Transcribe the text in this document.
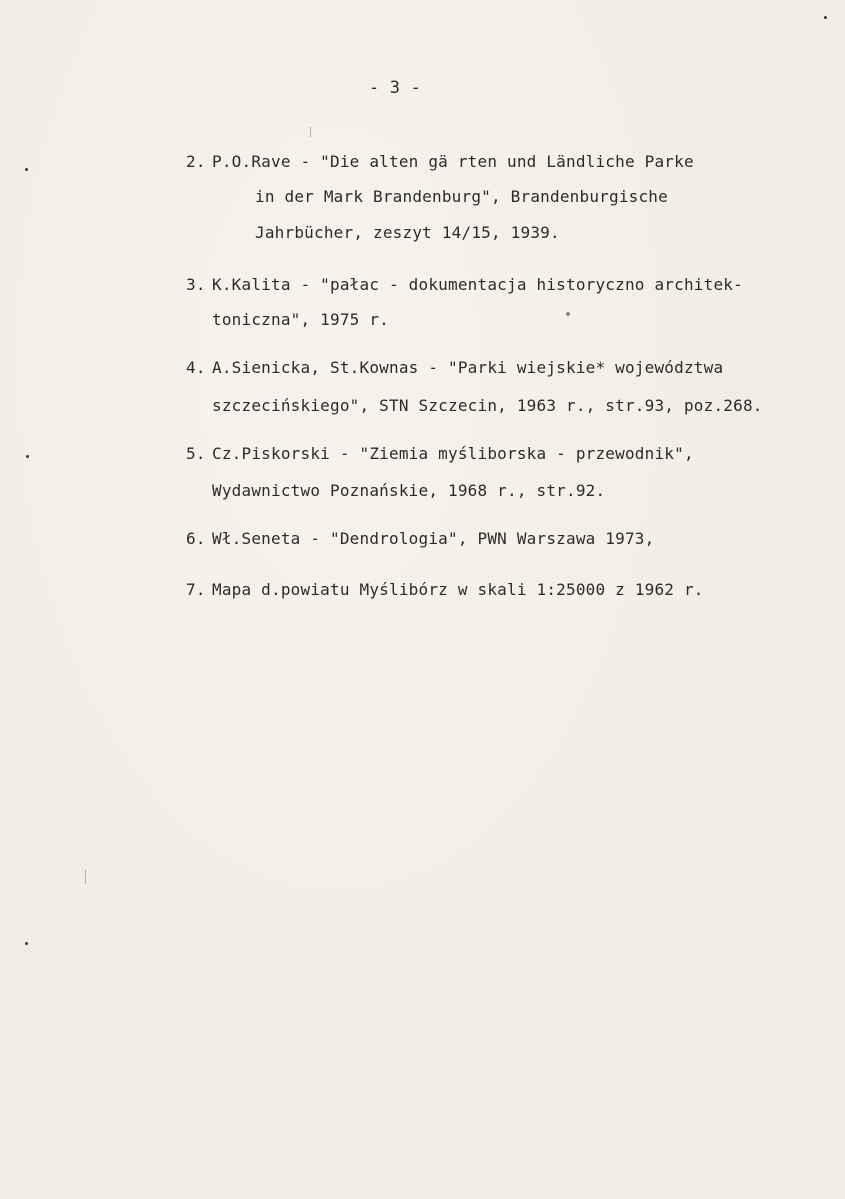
- 3 -
2. P.O.Rave - "Die alten gä rten und Ländliche Parke
in der Mark Brandenburg", Brandenburgische
Jahrbücher, zeszyt 14/15, 1939.
3. K.Kalita - "pałac - dokumentacja historyczno architek-
toniczna", 1975 r.
4. A.Sienicka, St.Kownas - "Parki wiejskie* województwa
szczecińskiego", STN Szczecin, 1963 r., str.93, poz.268.
5. Cz.Piskorski - "Ziemia myśliborska - przewodnik",
Wydawnictwo Poznańskie, 1968 r., str.92.
6. Wł.Seneta - "Dendrologia", PWN Warszawa 1973,
7. Mapa d.powiatu Myślibórz w skali 1:25000 z 1962 r.
